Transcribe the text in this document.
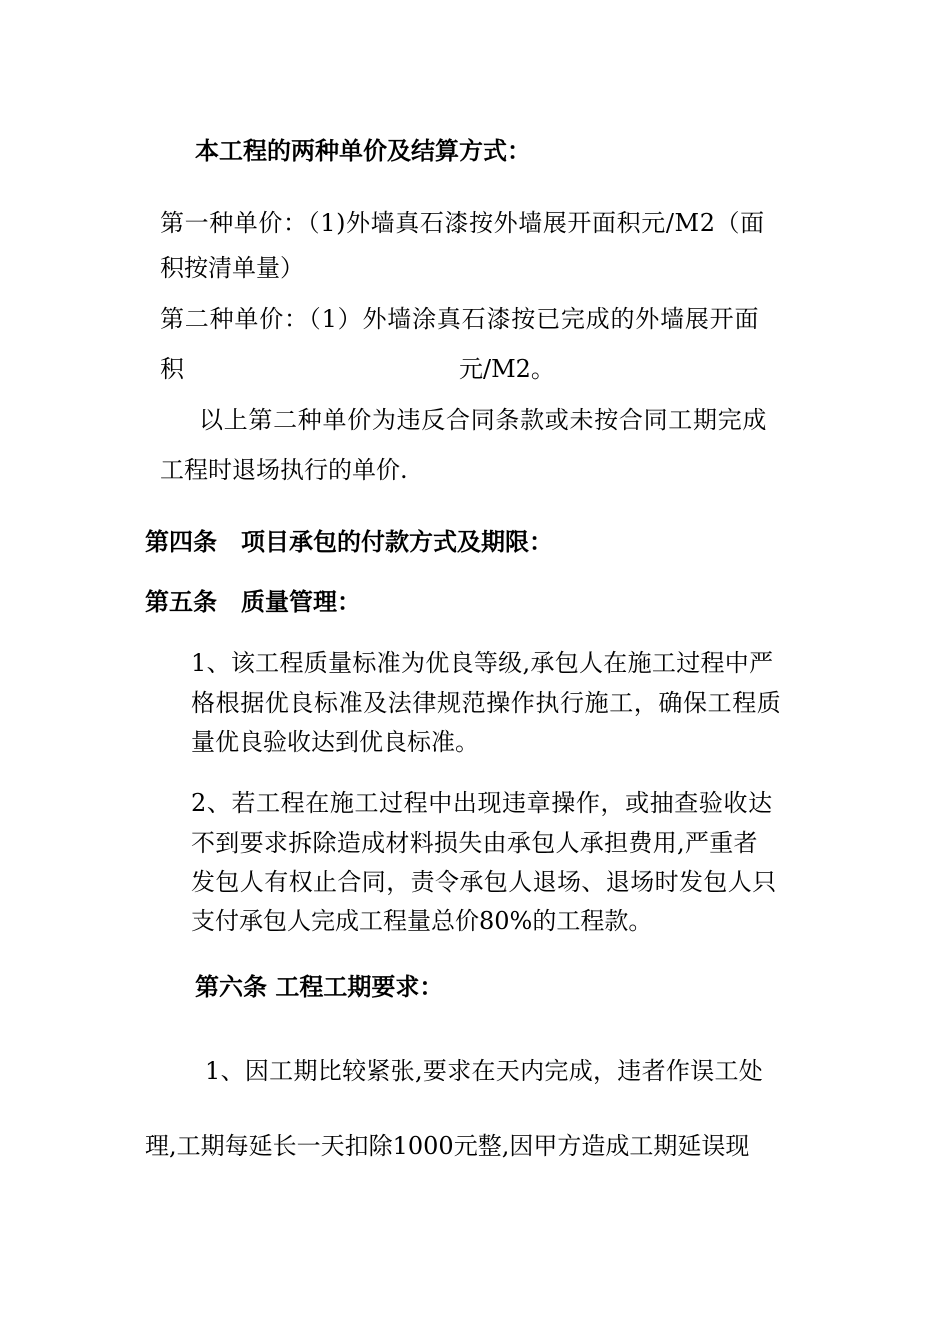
本工程的两种单价及结算方式：
第一种单价：（1)外墙真石漆按外墙展开面积元/M2（面
积按清单量）
第二种单价：（1）外墙涂真石漆按已完成的外墙展开面
积	元/M2。
以上第二种单价为违反合同条款或未按合同工期完成
工程时退场执行的单价.
第四条　项目承包的付款方式及期限：
第五条　质量管理：
1、该工程质量标准为优良等级,承包人在施工过程中严
格根据优良标准及法律规范操作执行施工，确保工程质
量优良验收达到优良标准。
2、若工程在施工过程中出现违章操作，或抽查验收达
不到要求拆除造成材料损失由承包人承担费用,严重者
发包人有权止合同，责令承包人退场、退场时发包人只
支付承包人完成工程量总价80%的工程款。
第六条 工程工期要求：
1、因工期比较紧张,要求在天内完成，违者作误工处
理,工期每延长一天扣除1000元整,因甲方造成工期延误现
